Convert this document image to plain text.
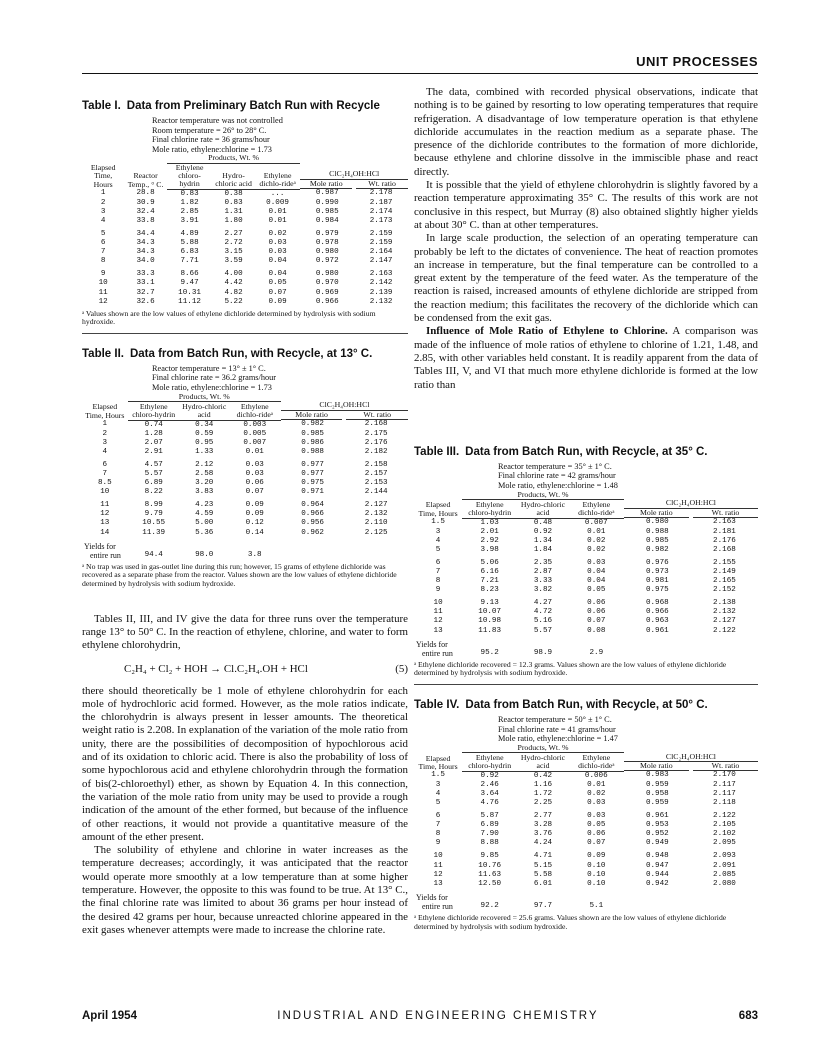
UNIT PROCESSES
Table I. Data from Preliminary Batch Run with Recycle
Reactor temperature was not controlled
Room temperature = 26° to 28° C.
Final chlorine rate = 36 grams/hour
Mole ratio, ethylene:chlorine = 1.73
		Products, Wt. %				
Elapsed Time, Hours	Reactor Temp., ° C.	Ethylene chloro-hydrin	Hydro-chloric acid	Ethylene dichlo-rideᵃ	ClC₂H₄OH:HCl
Mole ratio Wt. ratio	

1	28.8	0.83	0.38	...	0.987	2.178
2	30.9	1.82	0.83	0.009	0.990	2.187
3	32.4	2.85	1.31	0.01	0.985	2.174
4	33.8	3.91	1.80	0.01	0.984	2.173
5	34.4	4.89	2.27	0.02	0.979	2.159
6	34.3	5.88	2.72	0.03	0.978	2.159
7	34.3	6.83	3.15	0.03	0.980	2.164
8	34.0	7.71	3.59	0.04	0.972	2.147
9	33.3	8.66	4.00	0.04	0.980	2.163
10	33.1	9.47	4.42	0.05	0.970	2.142
11	32.7	10.31	4.82	0.07	0.969	2.139
12	32.6	11.12	5.22	0.09	0.966	2.132
ᵃ Values shown are the low values of ethylene dichloride determined by hydrolysis with sodium hydroxide.
Table II. Data from Batch Run, with Recycle, at 13° C.
Reactor temperature = 13° ± 1° C.
Final chlorine rate = 36.2 grams/hour
Mole ratio, ethylene:chlorine = 1.73
	Products, Wt. %				
Elapsed Time, Hours	Ethylene chloro-hydrin	Hydro-chloric acid	Ethylene dichlo-rideᵃ	ClC₂H₄OH:HCl
Mole ratio Wt. ratio	

1	0.74	0.34	0.003	0.982	2.168
2	1.28	0.59	0.005	0.985	2.175
3	2.07	0.95	0.007	0.986	2.176
4	2.91	1.33	0.01	0.988	2.182
6	4.57	2.12	0.03	0.977	2.158
7	5.57	2.58	0.03	0.977	2.157
8.5	6.89	3.20	0.06	0.975	2.153
10	8.22	3.83	0.07	0.971	2.144
11	8.99	4.23	0.09	0.964	2.127
12	9.79	4.59	0.09	0.966	2.132
13	10.55	5.00	0.12	0.956	2.110
14	11.39	5.36	0.14	0.962	2.125
Yields for					
entire run	94.4	98.0	3.8		
ᵃ No trap was used in gas-outlet line during this run; however, 15 grams of ethylene dichloride was recovered as a separate phase from the reactor. Values shown are the low values of ethylene dichloride determined by hydrolysis with sodium hydroxide.

Tables II, III, and IV give the data for three runs over the temperature range 13° to 50° C. In the reaction of ethylene, chlorine, and water to form ethylene chlorohydrin,

C₂H₄ + Cl₂ + HOH → Cl.C₂H₄.OH + HCl	(5)

there should theoretically be 1 mole of ethylene chlorohydrin for each mole of hydrochloric acid formed. However, as the mole ratios indicate, the chlorohydrin is always present in lesser amounts. The theoretical weight ratio is 2.208. In explanation of the variation of the mole ratio from unity, there are the possibilities of decomposition of hypochlorous acid and of its oxidation to chloric acid. There is also the probability of loss of some hypochlorous acid and ethylene chlorohydrin through the formation of bis(2-chloroethyl) ether, as shown by Equation 4. In this connection, the variation of the mole ratio from unity may be used to provide a rough indication of the amount of the ether formed, but because of the influence of other reactions, it would not provide a quantitative measure of the amount of the ether present.

The solubility of ethylene and chlorine in water increases as the temperature decreases; accordingly, it was anticipated that the reactor would operate more smoothly at a low temperature than at some higher temperature. However, the opposite to this was found to be true. At 13° C., the final chlorine rate was limited to about 36 grams per hour instead of the desired 42 grams per hour, because unreacted chlorine appeared in the exit gases whenever attempts were made to increase the chlorine rate.

The data, combined with recorded physical observations, indicate that nothing is to be gained by resorting to low operating temperatures that require refrigeration. A disadvantage of low temperature operation is that ethylene dichloride accumulates in the reaction medium as a separate phase. The presence of the dichloride contributes to the formation of more dichloride, because ethylene and chlorine dissolve in the immiscible phase and react directly.

It is possible that the yield of ethylene chlorohydrin is slightly favored by a reaction temperature approximating 35° C. The results of this work are not conclusive in this respect, but Murray (8) also obtained slightly higher yields at about 30° C. than at other temperatures.

In large scale production, the selection of an operating temperature can probably be left to the dictates of convenience. The heat of reaction promotes an increase in temperature, but the final temperature can be controlled to a great extent by the temperature of the feed water. As the temperature of the reaction is raised, increased amounts of ethylene dichloride are stripped from the reaction medium; this facilitates the recovery of the dichloride which can be condensed from the exit gas.

Influence of Mole Ratio of Ethylene to Chlorine. A comparison was made of the influence of mole ratios of ethylene to chlorine of 1.21, 1.48, and 2.85, with other variables held constant. It is readily apparent from the data of Tables III, V, and VI that much more ethylene dichloride is formed at the low ratio than

Table III. Data from Batch Run, with Recycle, at 35° C.
Reactor temperature = 35° ± 1° C.
Final chlorine rate = 42 grams/hour
Mole ratio, ethylene:chlorine = 1.48
	Products, Wt. %				
Elapsed Time, Hours	Ethylene chloro-hydrin	Hydro-chloric acid	Ethylene dichlo-rideᵃ	ClC₂H₄OH:HCl
Mole ratio Wt. ratio	

1.5	1.03	0.48	0.007	0.980	2.163
3	2.01	0.92	0.01	0.988	2.181
4	2.92	1.34	0.02	0.985	2.176
5	3.98	1.84	0.02	0.982	2.168
6	5.06	2.35	0.03	0.976	2.155
7	6.16	2.87	0.04	0.973	2.149
8	7.21	3.33	0.04	0.981	2.165
9	8.23	3.82	0.05	0.975	2.152
10	9.13	4.27	0.06	0.968	2.138
11	10.07	4.72	0.06	0.966	2.132
12	10.98	5.16	0.07	0.963	2.127
13	11.83	5.57	0.08	0.961	2.122
Yields for					
entire run	95.2	98.9	2.9		
ᵃ Ethylene dichloride recovered = 12.3 grams. Values shown are the low values of ethylene dichloride determined by hydrolysis with sodium hydroxide.
Table IV. Data from Batch Run, with Recycle, at 50° C.
Reactor temperature = 50° ± 1° C.
Final chlorine rate = 41 grams/hour
Mole ratio, ethylene:chlorine = 1.47
	Products, Wt. %				
Elapsed Time, Hours	Ethylene chloro-hydrin	Hydro-chloric acid	Ethylene dichlo-rideᵃ	ClC₂H₄OH:HCl
Mole ratio Wt. ratio	

1.5	0.92	0.42	0.006	0.983	2.170
3	2.46	1.16	0.01	0.959	2.117
4	3.64	1.72	0.02	0.958	2.117
5	4.76	2.25	0.03	0.959	2.118
6	5.87	2.77	0.03	0.961	2.122
7	6.89	3.28	0.05	0.953	2.105
8	7.90	3.76	0.06	0.952	2.102
9	8.88	4.24	0.07	0.949	2.095
10	9.85	4.71	0.09	0.948	2.093
11	10.76	5.15	0.10	0.947	2.091
12	11.63	5.58	0.10	0.944	2.085
13	12.50	6.01	0.10	0.942	2.080
Yields for					
entire run	92.2	97.7	5.1		
ᵃ Ethylene dichloride recovered = 25.6 grams. Values shown are the low values of ethylene dichloride determined by hydrolysis with sodium hydroxide.
April 1954	INDUSTRIAL AND ENGINEERING CHEMISTRY	683
